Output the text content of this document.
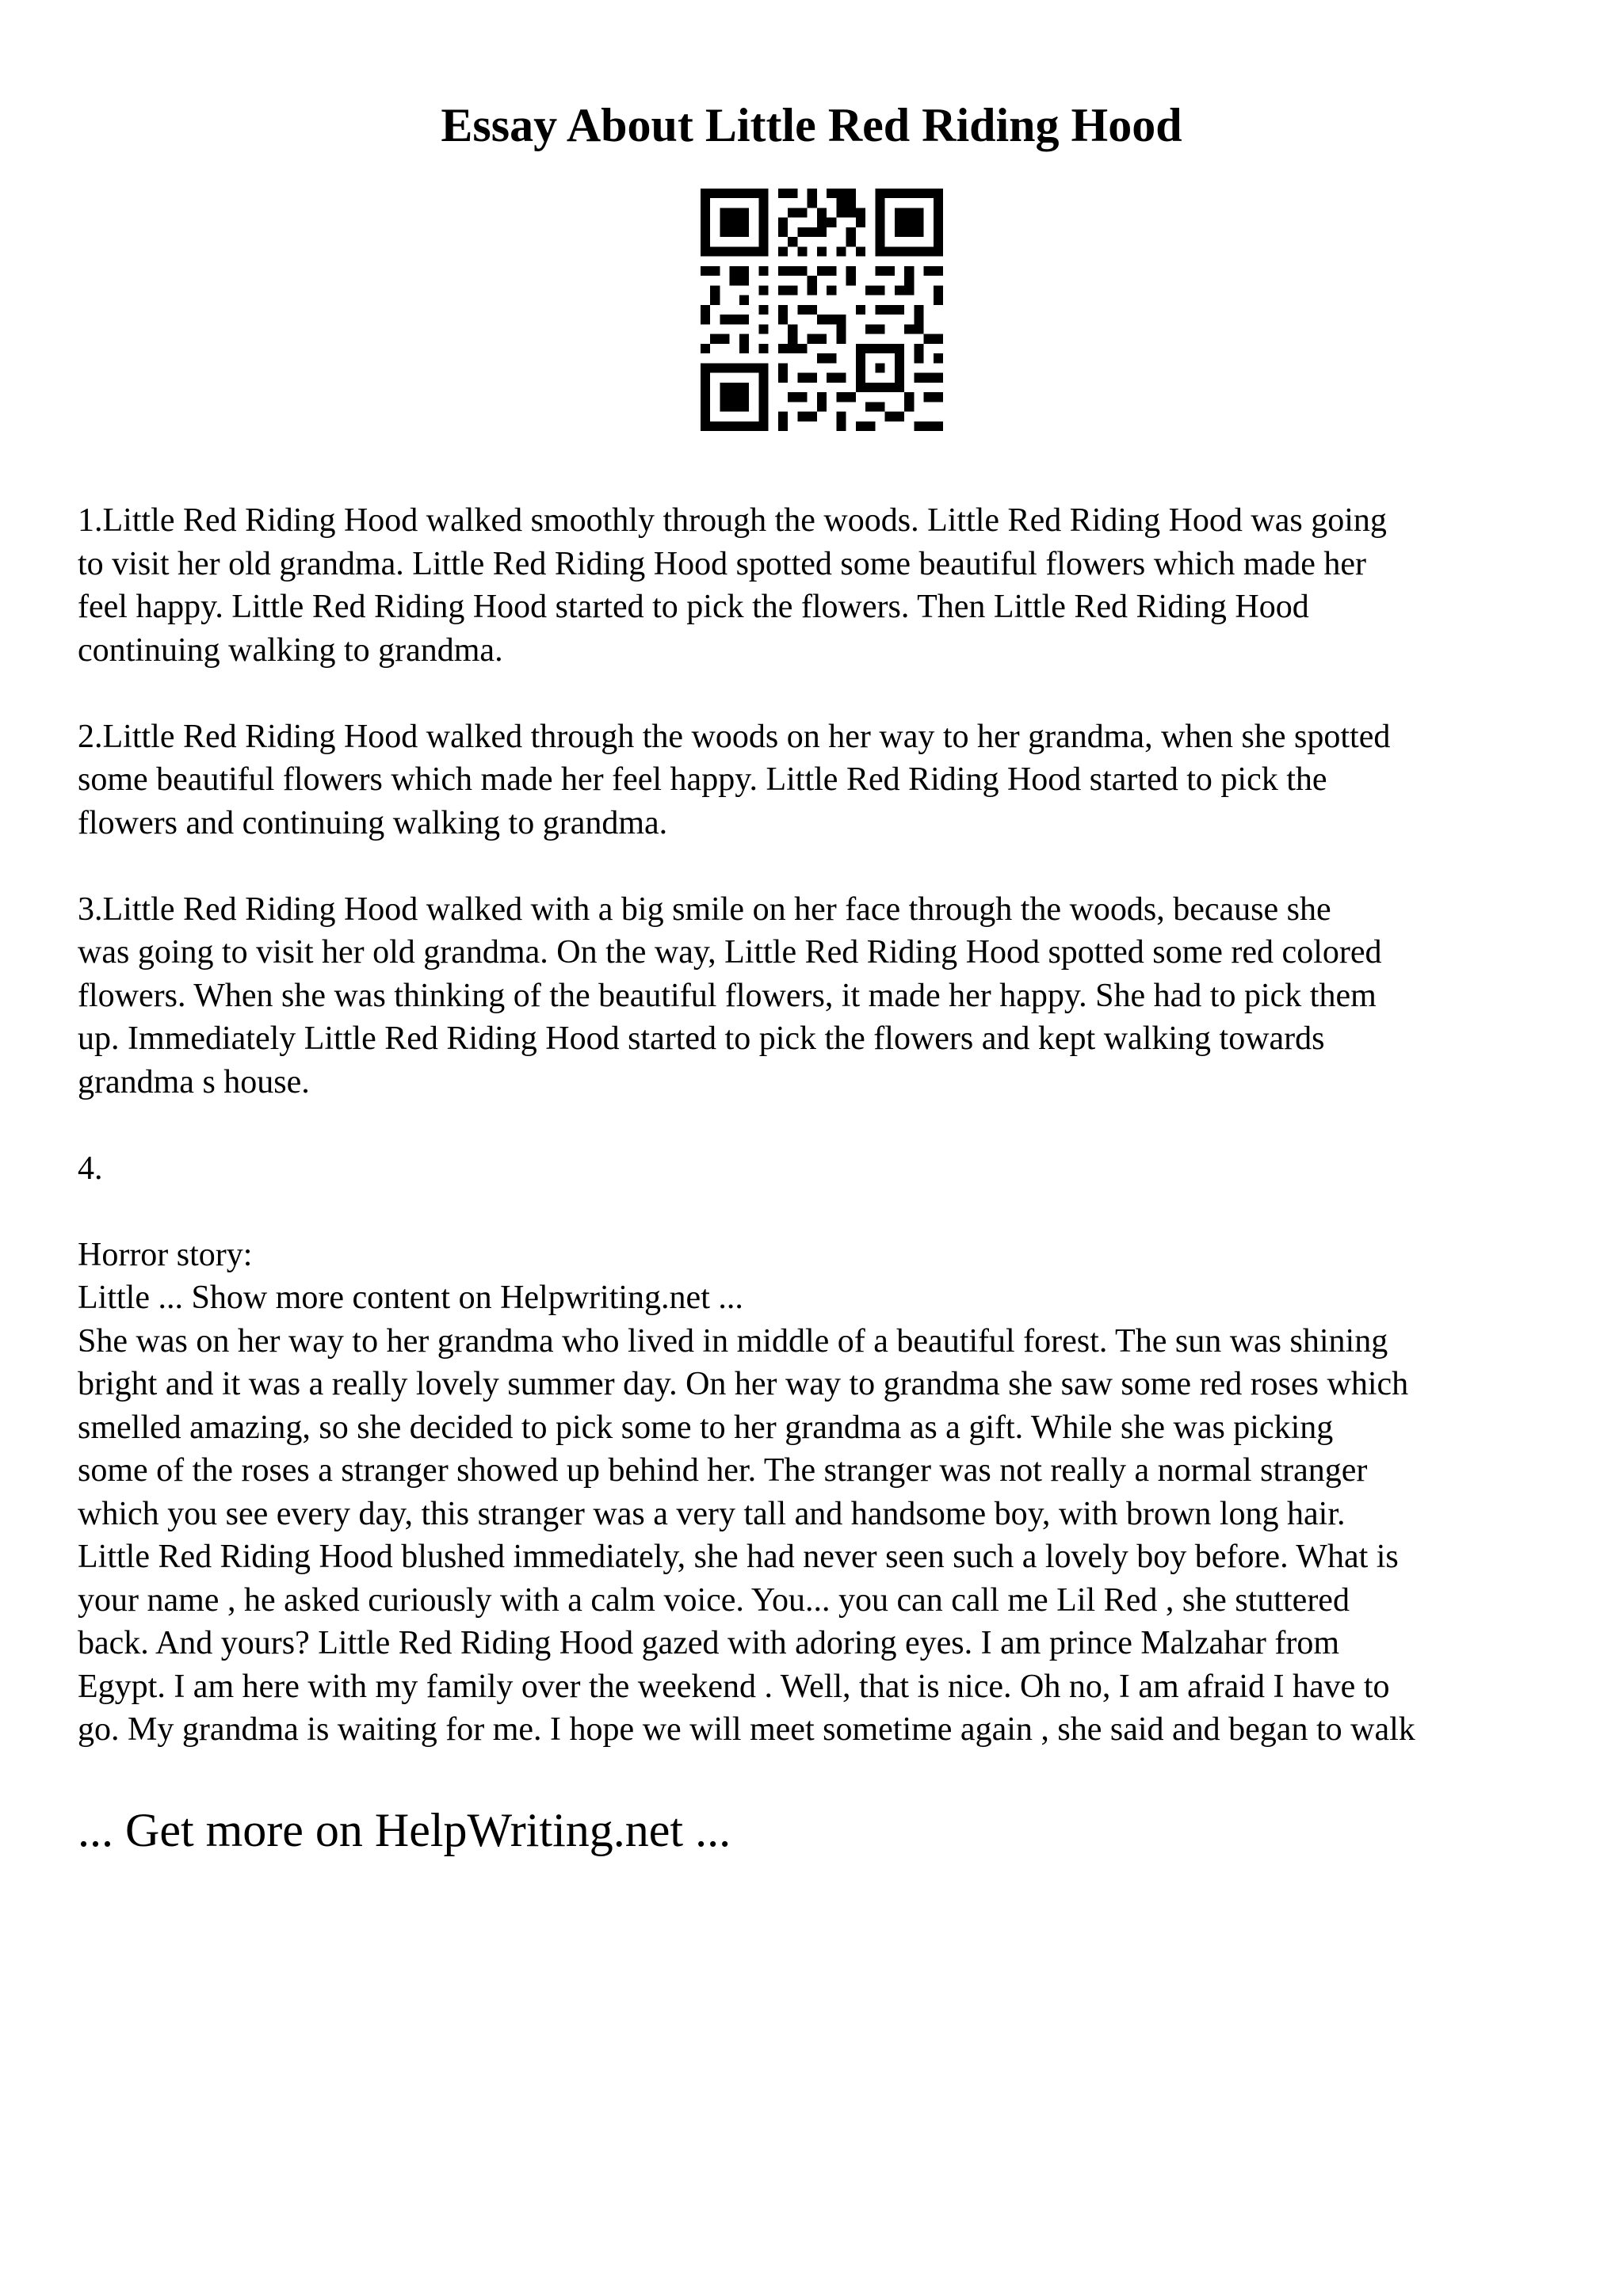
Essay About Little Red Riding Hood

1.Little Red Riding Hood walked smoothly through the woods. Little Red Riding Hood was going
to visit her old grandma. Little Red Riding Hood spotted some beautiful flowers which made her
feel happy. Little Red Riding Hood started to pick the flowers. Then Little Red Riding Hood
continuing walking to grandma.

2.Little Red Riding Hood walked through the woods on her way to her grandma, when she spotted
some beautiful flowers which made her feel happy. Little Red Riding Hood started to pick the
flowers and continuing walking to grandma.

3.Little Red Riding Hood walked with a big smile on her face through the woods, because she
was going to visit her old grandma. On the way, Little Red Riding Hood spotted some red colored
flowers. When she was thinking of the beautiful flowers, it made her happy. She had to pick them
up. Immediately Little Red Riding Hood started to pick the flowers and kept walking towards
grandma s house.

4.

Horror story:
Little ... Show more content on Helpwriting.net ...
She was on her way to her grandma who lived in middle of a beautiful forest. The sun was shining
bright and it was a really lovely summer day. On her way to grandma she saw some red roses which
smelled amazing, so she decided to pick some to her grandma as a gift. While she was picking
some of the roses a stranger showed up behind her. The stranger was not really a normal stranger
which you see every day, this stranger was a very tall and handsome boy, with brown long hair.
Little Red Riding Hood blushed immediately, she had never seen such a lovely boy before. What is
your name , he asked curiously with a calm voice. You... you can call me Lil Red , she stuttered
back. And yours? Little Red Riding Hood gazed with adoring eyes. I am prince Malzahar from
Egypt. I am here with my family over the weekend . Well, that is nice. Oh no, I am afraid I have to
go. My grandma is waiting for me. I hope we will meet sometime again , she said and began to walk

... Get more on HelpWriting.net ...
